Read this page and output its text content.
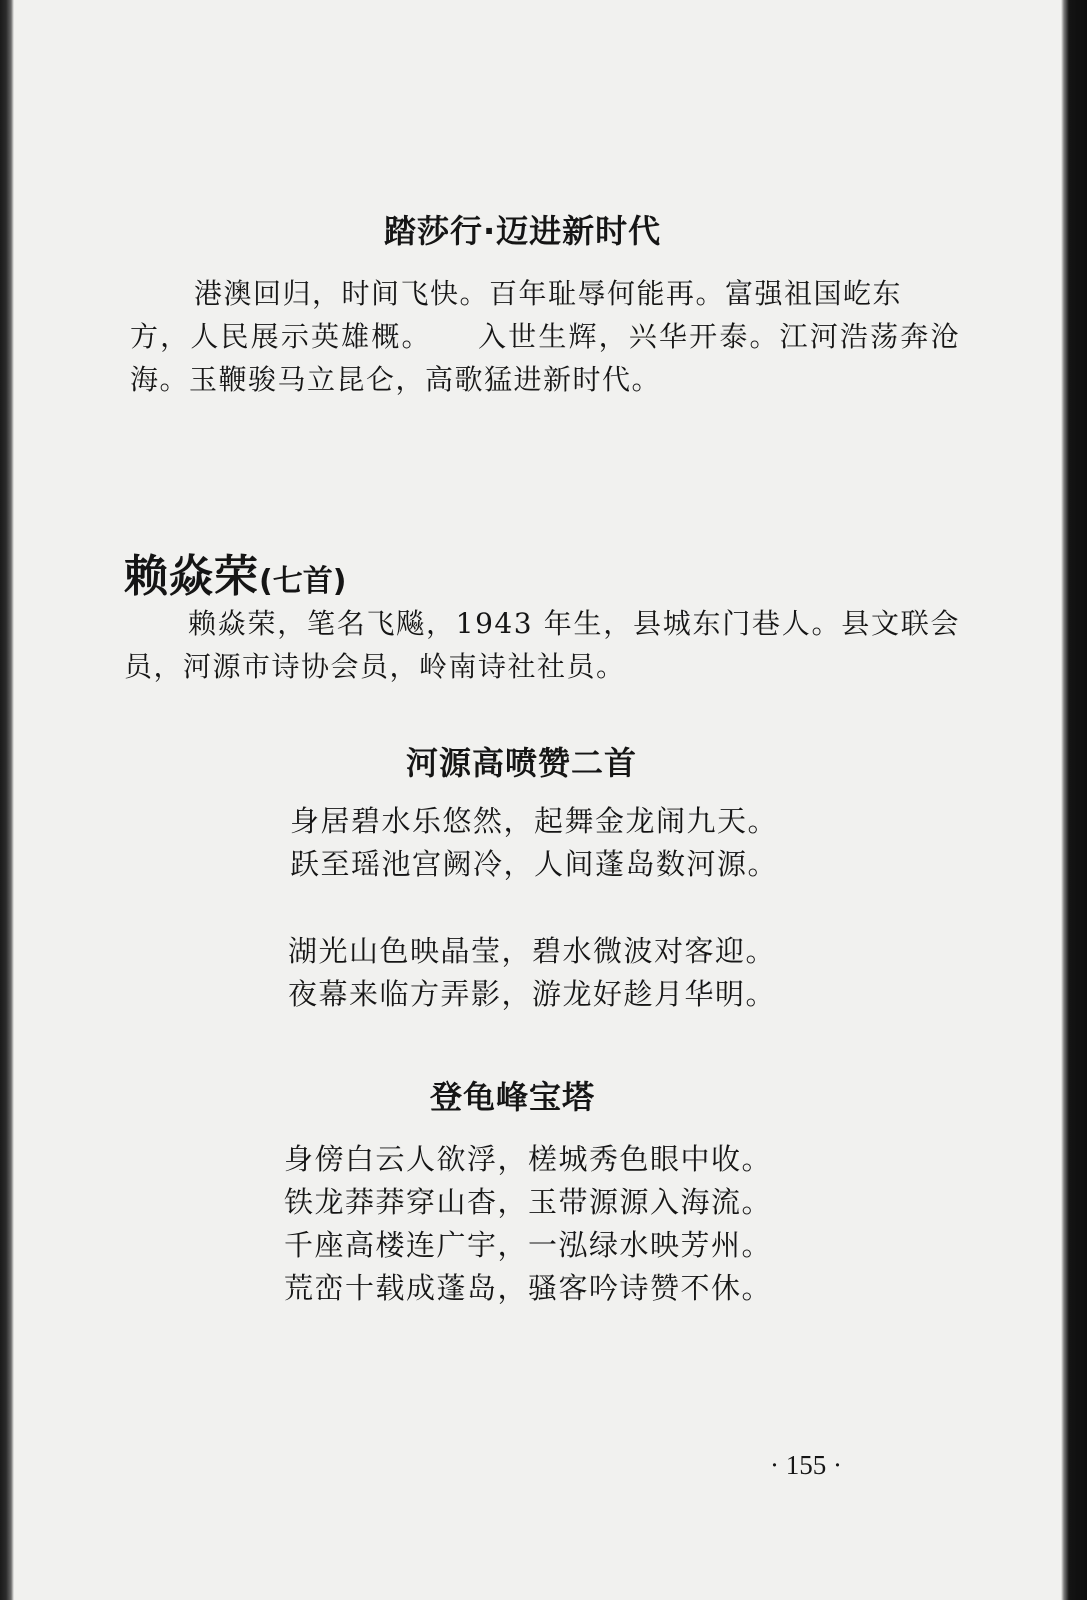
踏莎行·迈进新时代

港澳回归，时间飞快。百年耻辱何能再。富强祖国屹东

方，人民展示英雄概。　　入世生辉，兴华开泰。江河浩荡奔沧海。玉鞭骏马立昆仑，高歌猛进新时代。

赖焱荣(七首)

赖焱荣，笔名飞飚，1943 年生，县城东门巷人。县文联会员，河源市诗协会员，岭南诗社社员。

河源高喷赞二首
身居碧水乐悠然，起舞金龙闹九天。
跃至瑶池宫阙冷，人间蓬岛数河源。
湖光山色映晶莹，碧水微波对客迎。
夜幕来临方弄影，游龙好趁月华明。
登龟峰宝塔
身傍白云人欲浮，槎城秀色眼中收。
铁龙莽莽穿山杳，玉带源源入海流。
千座高楼连广宇，一泓绿水映芳州。
荒峦十载成蓬岛，骚客吟诗赞不休。
· 155 ·
